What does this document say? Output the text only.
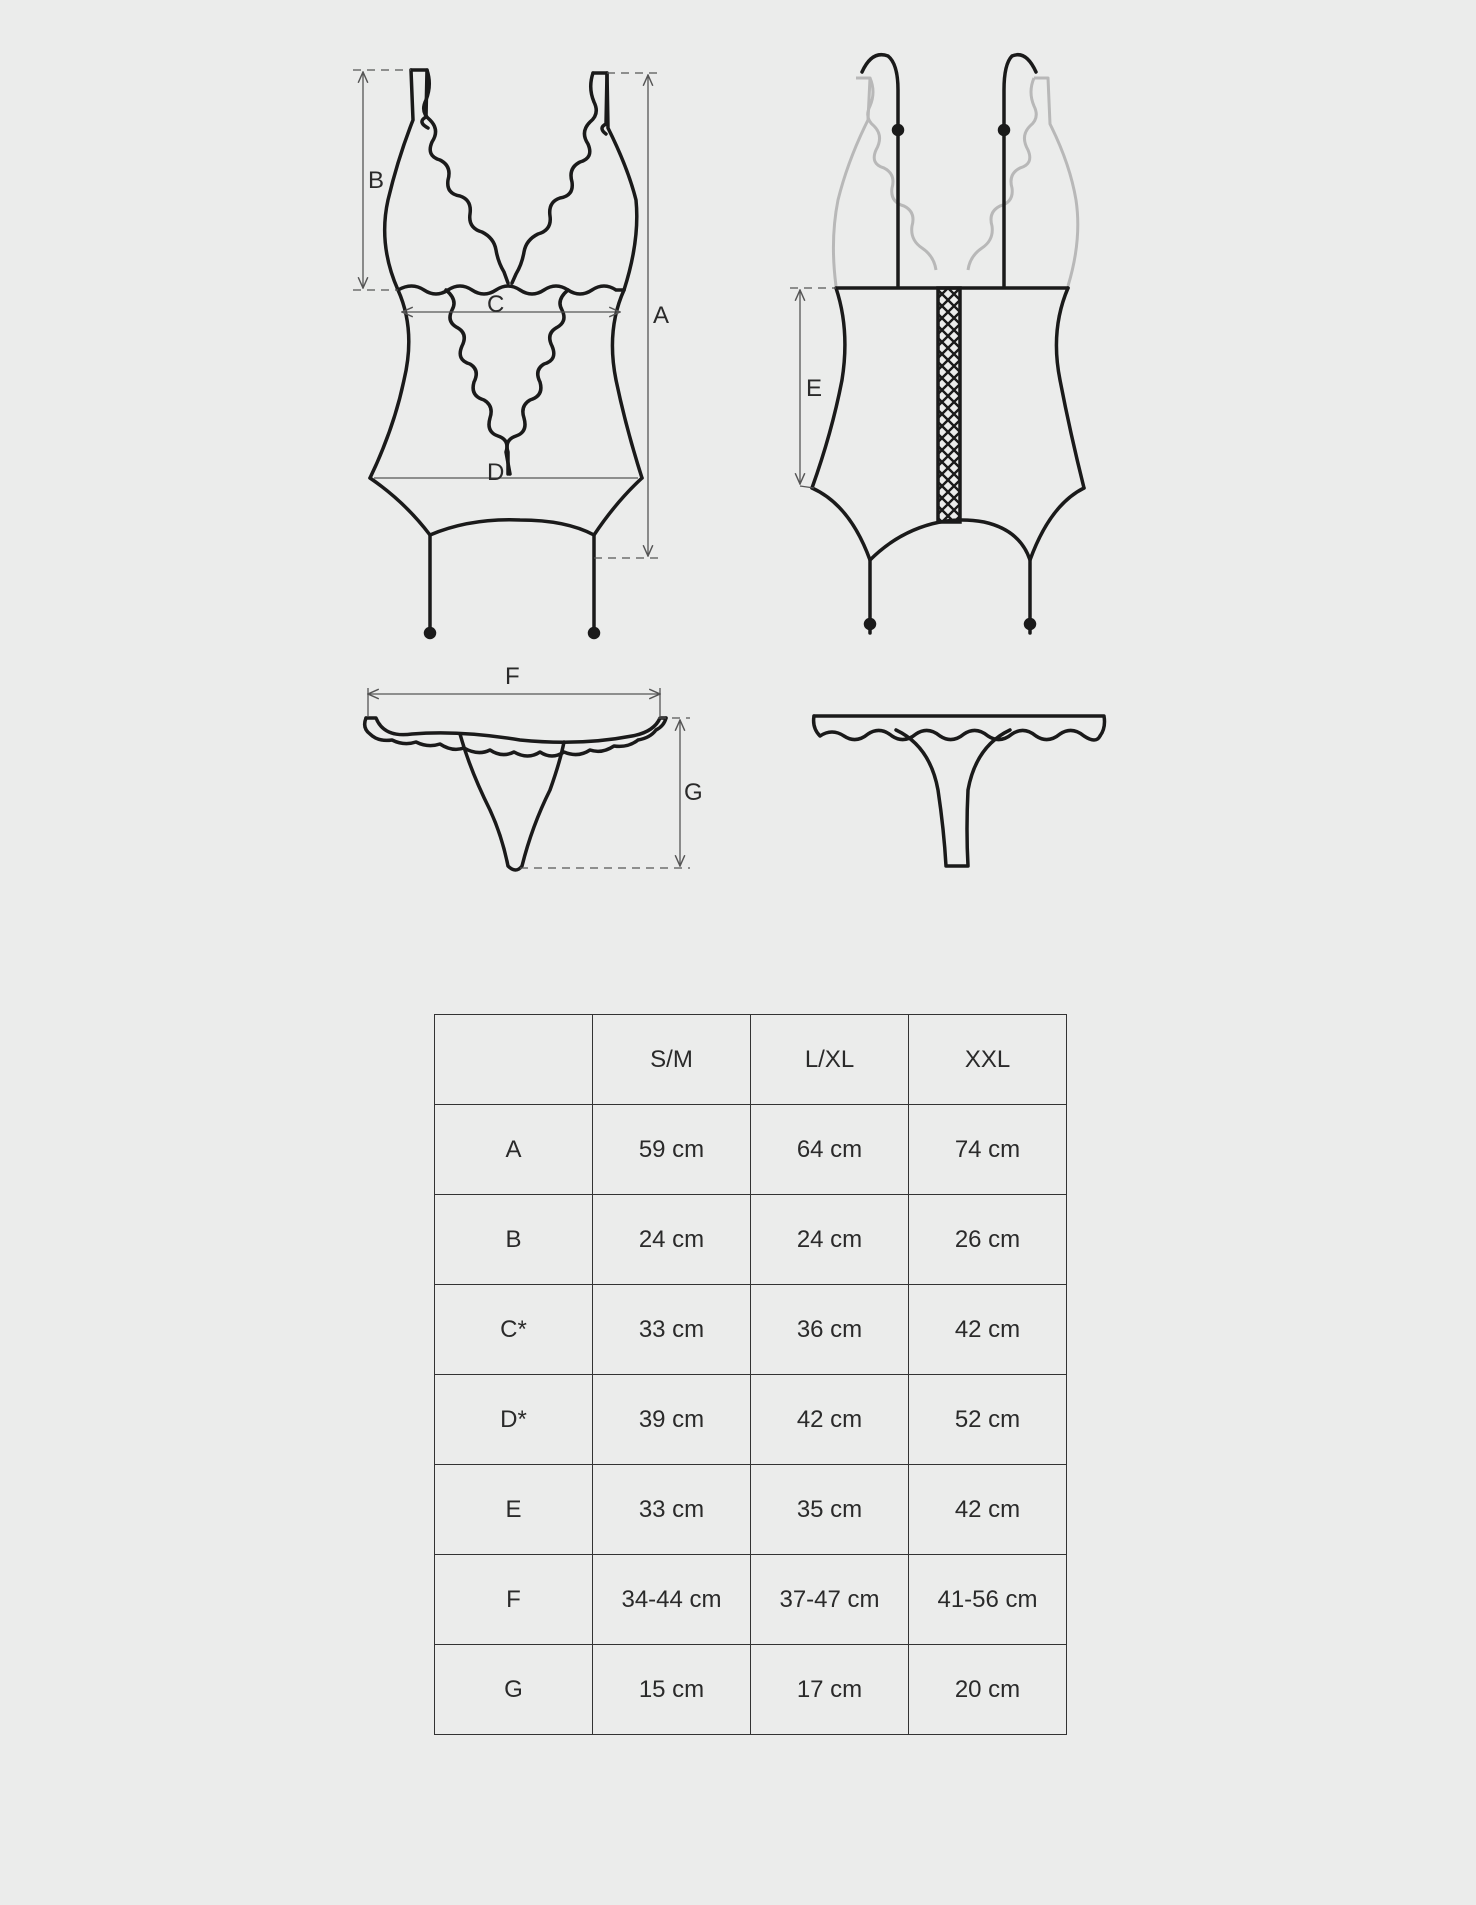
B
C	A
D
E
F
G
	S/M	L/XL	XXL
A	59 cm	64 cm	74 cm
B	24 cm	24 cm	26 cm
C*	33 cm	36 cm	42 cm
D*	39 cm	42 cm	52 cm
E	33 cm	35 cm	42 cm
F	34-44 cm	37-47 cm	41-56 cm
G	15 cm	17 cm	20 cm
